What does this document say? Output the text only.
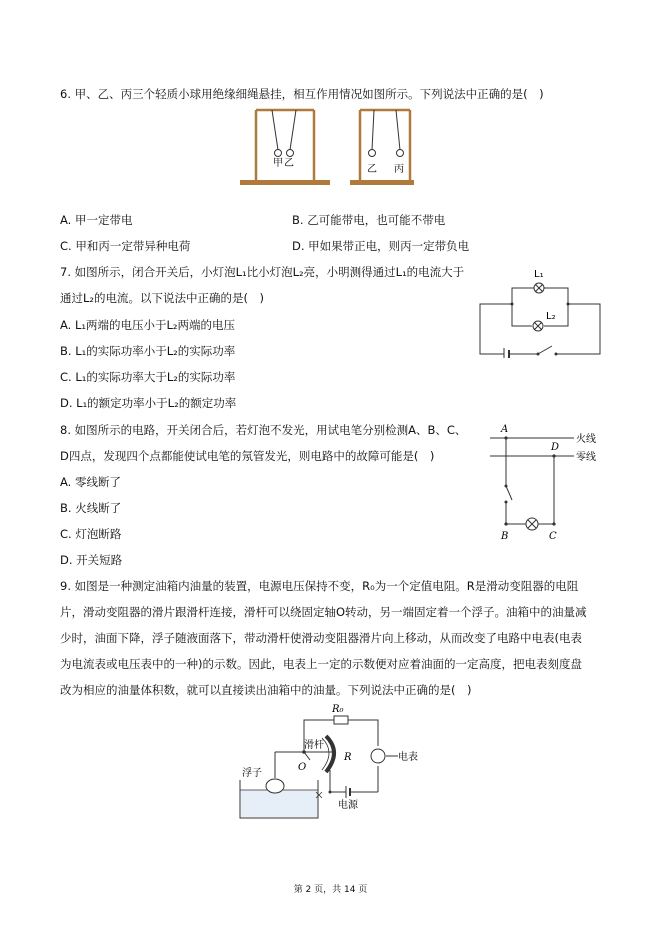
6. 甲、乙、丙三个轻质小球用绝缘细绳悬挂，相互作用情况如图所示。下列说法中正确的是(　)
甲 乙
乙 丙
A. 甲一定带电	B. 乙可能带电，也可能不带电
C. 甲和丙一定带异种电荷	D. 甲如果带正电，则丙一定带负电
7. 如图所示，闭合开关后，小灯泡L₁比小灯泡L₂亮，小明测得通过L₁的电流大于
通过L₂的电流。以下说法中正确的是(　)
A. L₁两端的电压小于L₂两端的电压
B. L₁的实际功率小于L₂的实际功率
C. L₁的实际功率大于L₂的实际功率
D. L₁的额定功率小于L₂的额定功率
L₁
L₂
8. 如图所示的电路，开关闭合后，若灯泡不发光，用试电笔分别检测A、B、C、
D四点，发现四个点都能使试电笔的氖管发光，则电路中的故障可能是(　)
A. 零线断了
B. 火线断了
C. 灯泡断路
D. 开关短路
A
D
B	C
火线
零线
9. 如图是一种测定油箱内油量的装置，电源电压保持不变，R₀为一个定值电阻。R是滑动变阻器的电阻
片，滑动变阻器的滑片跟滑杆连接，滑杆可以绕固定轴O转动，另一端固定着一个浮子。油箱中的油量减
少时，油面下降，浮子随液面落下，带动滑杆使滑动变阻器滑片向上移动，从而改变了电路中电表(电表
为电流表或电压表中的一种)的示数。因此，电表上一定的示数便对应着油面的一定高度，把电表刻度盘
改为相应的油量体积数，就可以直接读出油箱中的油量。下列说法中正确的是(　)
R₀
滑杆
R
O
浮子
电表
电源
第 2 页，共 14 页
